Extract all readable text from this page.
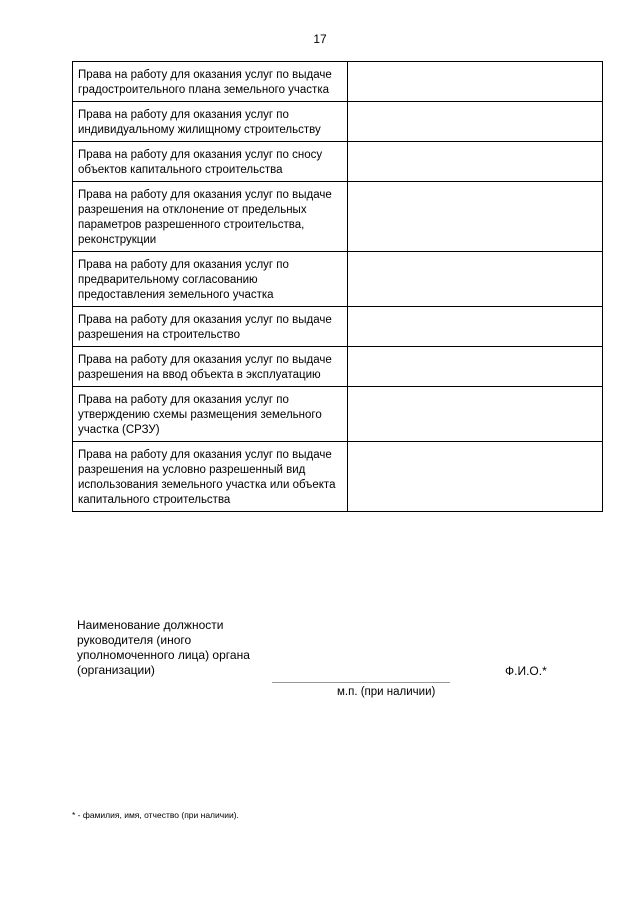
17
Права на работу для оказания услуг по выдаче градостроительного плана земельного участка	
Права на работу для оказания услуг по индивидуальному жилищному строительству	
Права на работу для оказания услуг по сносу объектов капитального строительства	
Права на работу для оказания услуг по выдаче разрешения на отклонение от предельных параметров разрешенного строительства, реконструкции	
Права на работу для оказания услуг по предварительному согласованию предоставления земельного участка	
Права на работу для оказания услуг по выдаче разрешения на строительство	
Права на работу для оказания услуг по выдаче разрешения на ввод объекта в эксплуатацию	
Права на работу для оказания услуг по утверждению схемы размещения земельного участка (СРЗУ)	
Права на работу для оказания услуг по выдаче разрешения на условно разрешенный вид использования земельного участка или объекта капитального строительства	
Наименование должности руководителя (иного уполномоченного лица) органа (организации)
м.п. (при наличии)
Ф.И.О.*
* - фамилия, имя, отчество (при наличии).
